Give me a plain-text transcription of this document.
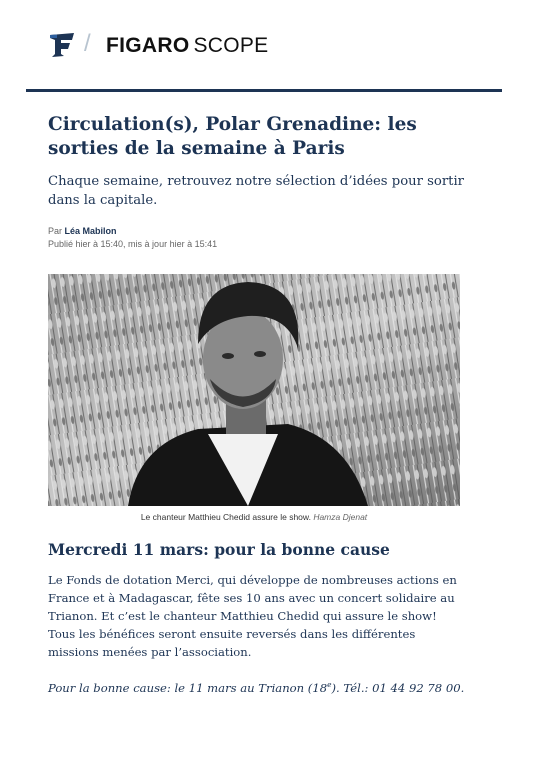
/ FIGARO SCOPE
Circulation(s), Polar Grenadine: les sorties de la semaine à Paris

Chaque semaine, retrouvez notre sélection d’idées pour sortir dans la capitale.

Par Léa Mabilon
Publié hier à 15:40, mis à jour hier à 15:41
Le chanteur Matthieu Chedid assure le show. Hamza Djenat
Mercredi 11 mars: pour la bonne cause

Le Fonds de dotation Merci, qui développe de nombreuses actions en France et à Madagascar, fête ses 10 ans avec un concert solidaire au Trianon. Et c’est le chanteur Matthieu Chedid qui assure le show! Tous les bénéfices seront ensuite reversés dans les différentes missions menées par l’association.

Pour la bonne cause: le 11 mars au Trianon (18e). Tél.: 01 44 92 78 00.
